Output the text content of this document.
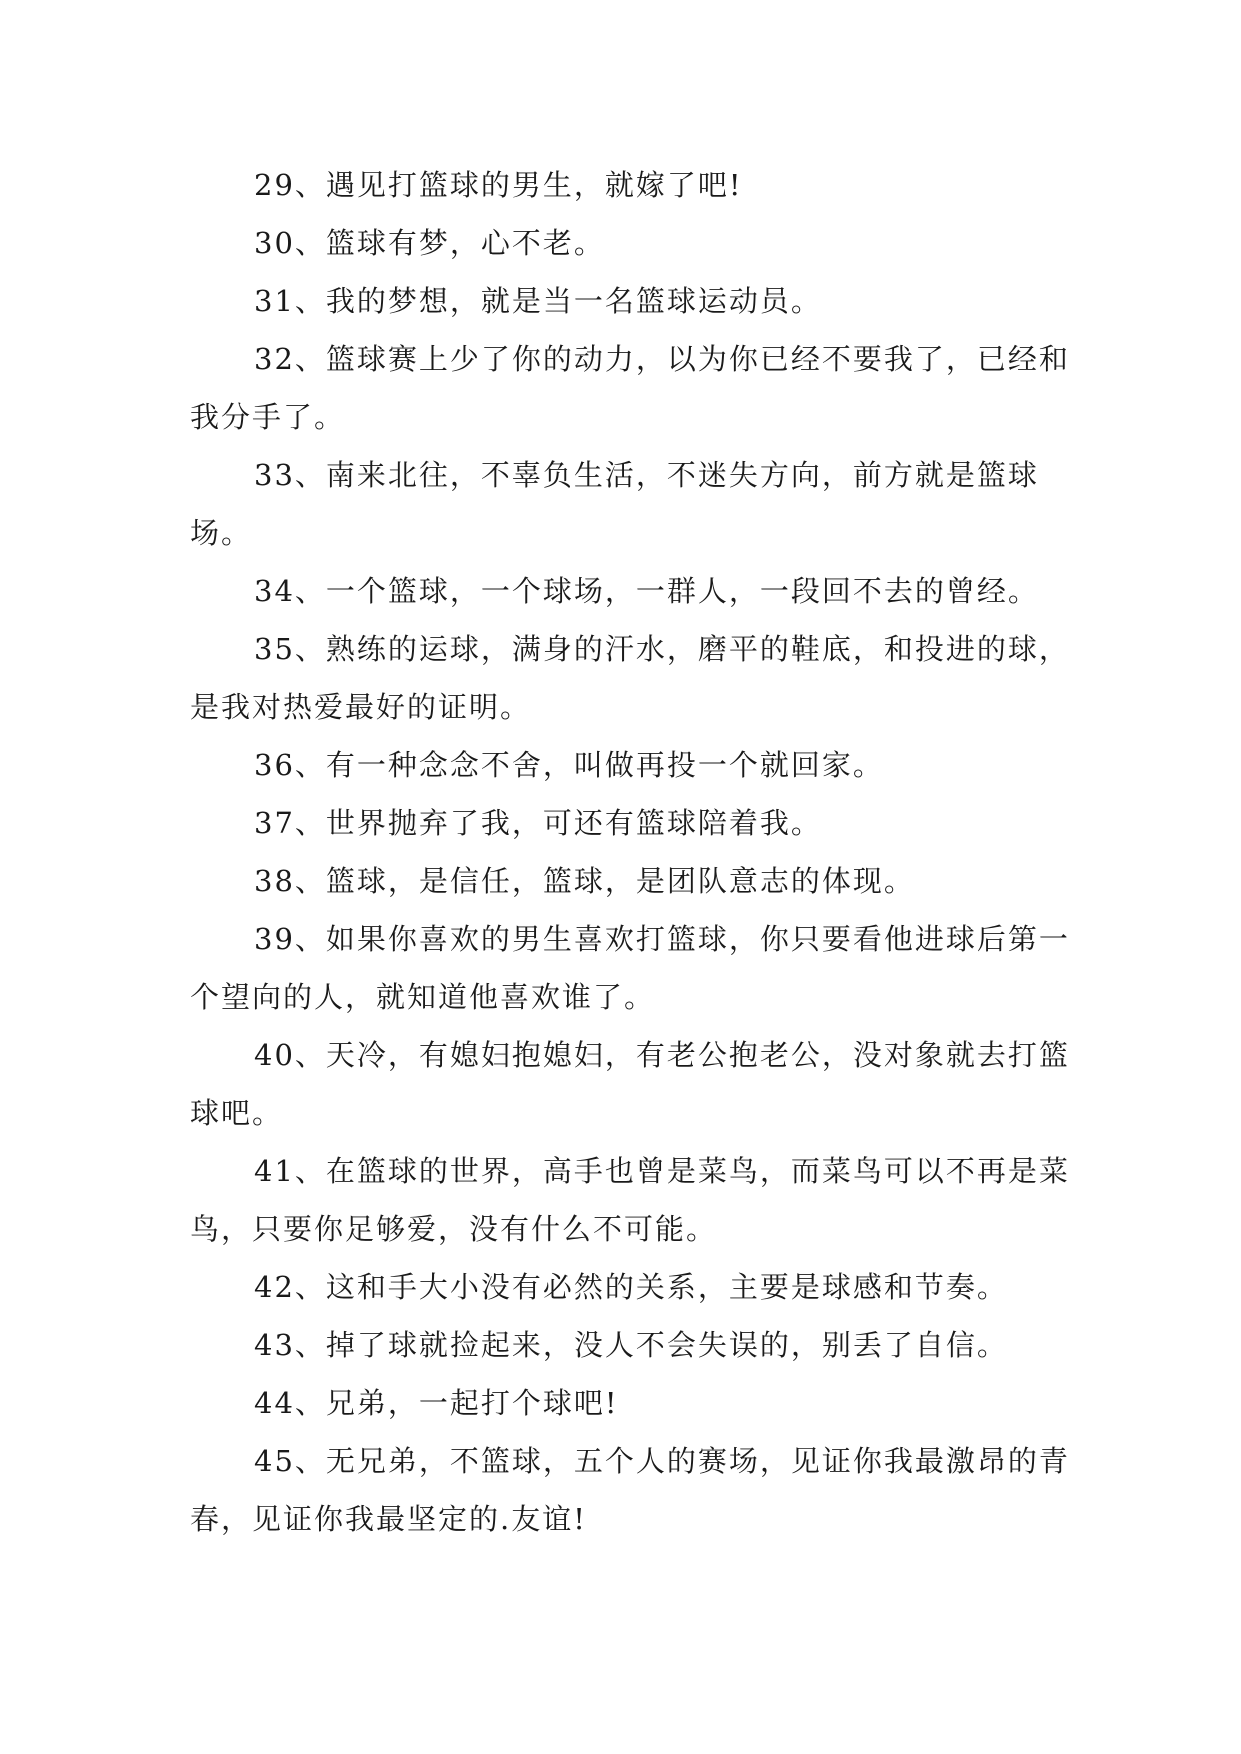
29、遇见打篮球的男生，就嫁了吧!

30、篮球有梦，心不老。

31、我的梦想，就是当一名篮球运动员。

32、篮球赛上少了你的动力，以为你已经不要我了，已经和我分手了。

33、南来北往，不辜负生活，不迷失方向，前方就是篮球场。

34、一个篮球，一个球场，一群人，一段回不去的曾经。

35、熟练的运球，满身的汗水，磨平的鞋底，和投进的球，是我对热爱最好的证明。

36、有一种念念不舍，叫做再投一个就回家。

37、世界抛弃了我，可还有篮球陪着我。

38、篮球，是信任，篮球，是团队意志的体现。

39、如果你喜欢的男生喜欢打篮球，你只要看他进球后第一个望向的人，就知道他喜欢谁了。

40、天冷，有媳妇抱媳妇，有老公抱老公，没对象就去打篮球吧。

41、在篮球的世界，高手也曾是菜鸟，而菜鸟可以不再是菜鸟，只要你足够爱，没有什么不可能。

42、这和手大小没有必然的关系，主要是球感和节奏。

43、掉了球就捡起来，没人不会失误的，别丢了自信。

44、兄弟，一起打个球吧!

45、无兄弟，不篮球，五个人的赛场，见证你我最激昂的青春，见证你我最坚定的.友谊!
